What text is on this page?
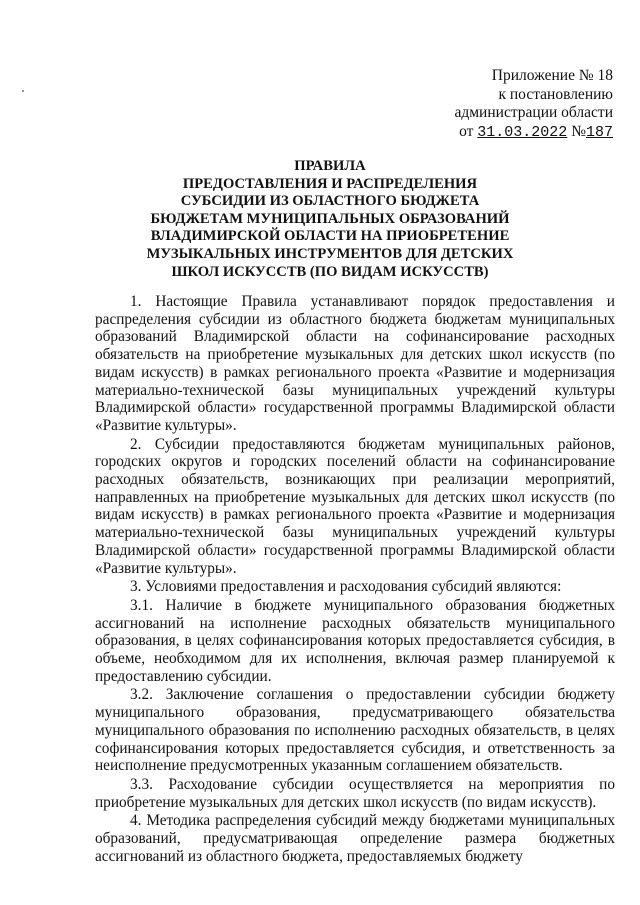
Приложение № 18
к постановлению
администрации области
от 31.03.2022 №187
ПРАВИЛА
ПРЕДОСТАВЛЕНИЯ И РАСПРЕДЕЛЕНИЯ
СУБСИДИИ ИЗ ОБЛАСТНОГО БЮДЖЕТА
БЮДЖЕТАМ МУНИЦИПАЛЬНЫХ ОБРАЗОВАНИЙ
ВЛАДИМИРСКОЙ ОБЛАСТИ НА ПРИОБРЕТЕНИЕ
МУЗЫКАЛЬНЫХ ИНСТРУМЕНТОВ ДЛЯ ДЕТСКИХ
ШКОЛ ИСКУССТВ (ПО ВИДАМ ИСКУССТВ)

1. Настоящие Правила устанавливают порядок предоставления и распределения субсидии из областного бюджета бюджетам муниципальных образований Владимирской области на софинансирование расходных обязательств на приобретение музыкальных для детских школ искусств (по видам искусств) в рамках регионального проекта «Развитие и модернизация материально-технической базы муниципальных учреждений культуры Владимирской области» государственной программы Владимирской области «Развитие культуры».

2. Субсидии предоставляются бюджетам муниципальных районов, городских округов и городских поселений области на софинансирование расходных обязательств, возникающих при реализации мероприятий, направленных на приобретение музыкальных для детских школ искусств (по видам искусств) в рамках регионального проекта «Развитие и модернизация материально-технической базы муниципальных учреждений культуры Владимирской области» государственной программы Владимирской области «Развитие культуры».

3. Условиями предоставления и расходования субсидий являются:

3.1. Наличие в бюджете муниципального образования бюджетных ассигнований на исполнение расходных обязательств муниципального образования, в целях софинансирования которых предоставляется субсидия, в объеме, необходимом для их исполнения, включая размер планируемой к предоставлению субсидии.

3.2. Заключение соглашения о предоставлении субсидии бюджету муниципального образования, предусматривающего обязательства муниципального образования по исполнению расходных обязательств, в целях софинансирования которых предоставляется субсидия, и ответственность за неисполнение предусмотренных указанным соглашением обязательств.

3.3. Расходование субсидии осуществляется на мероприятия по приобретение музыкальных для детских школ искусств (по видам искусств).

4. Методика распределения субсидий между бюджетами муниципальных образований, предусматривающая определение размера бюджетных ассигнований из областного бюджета, предоставляемых бюджету
